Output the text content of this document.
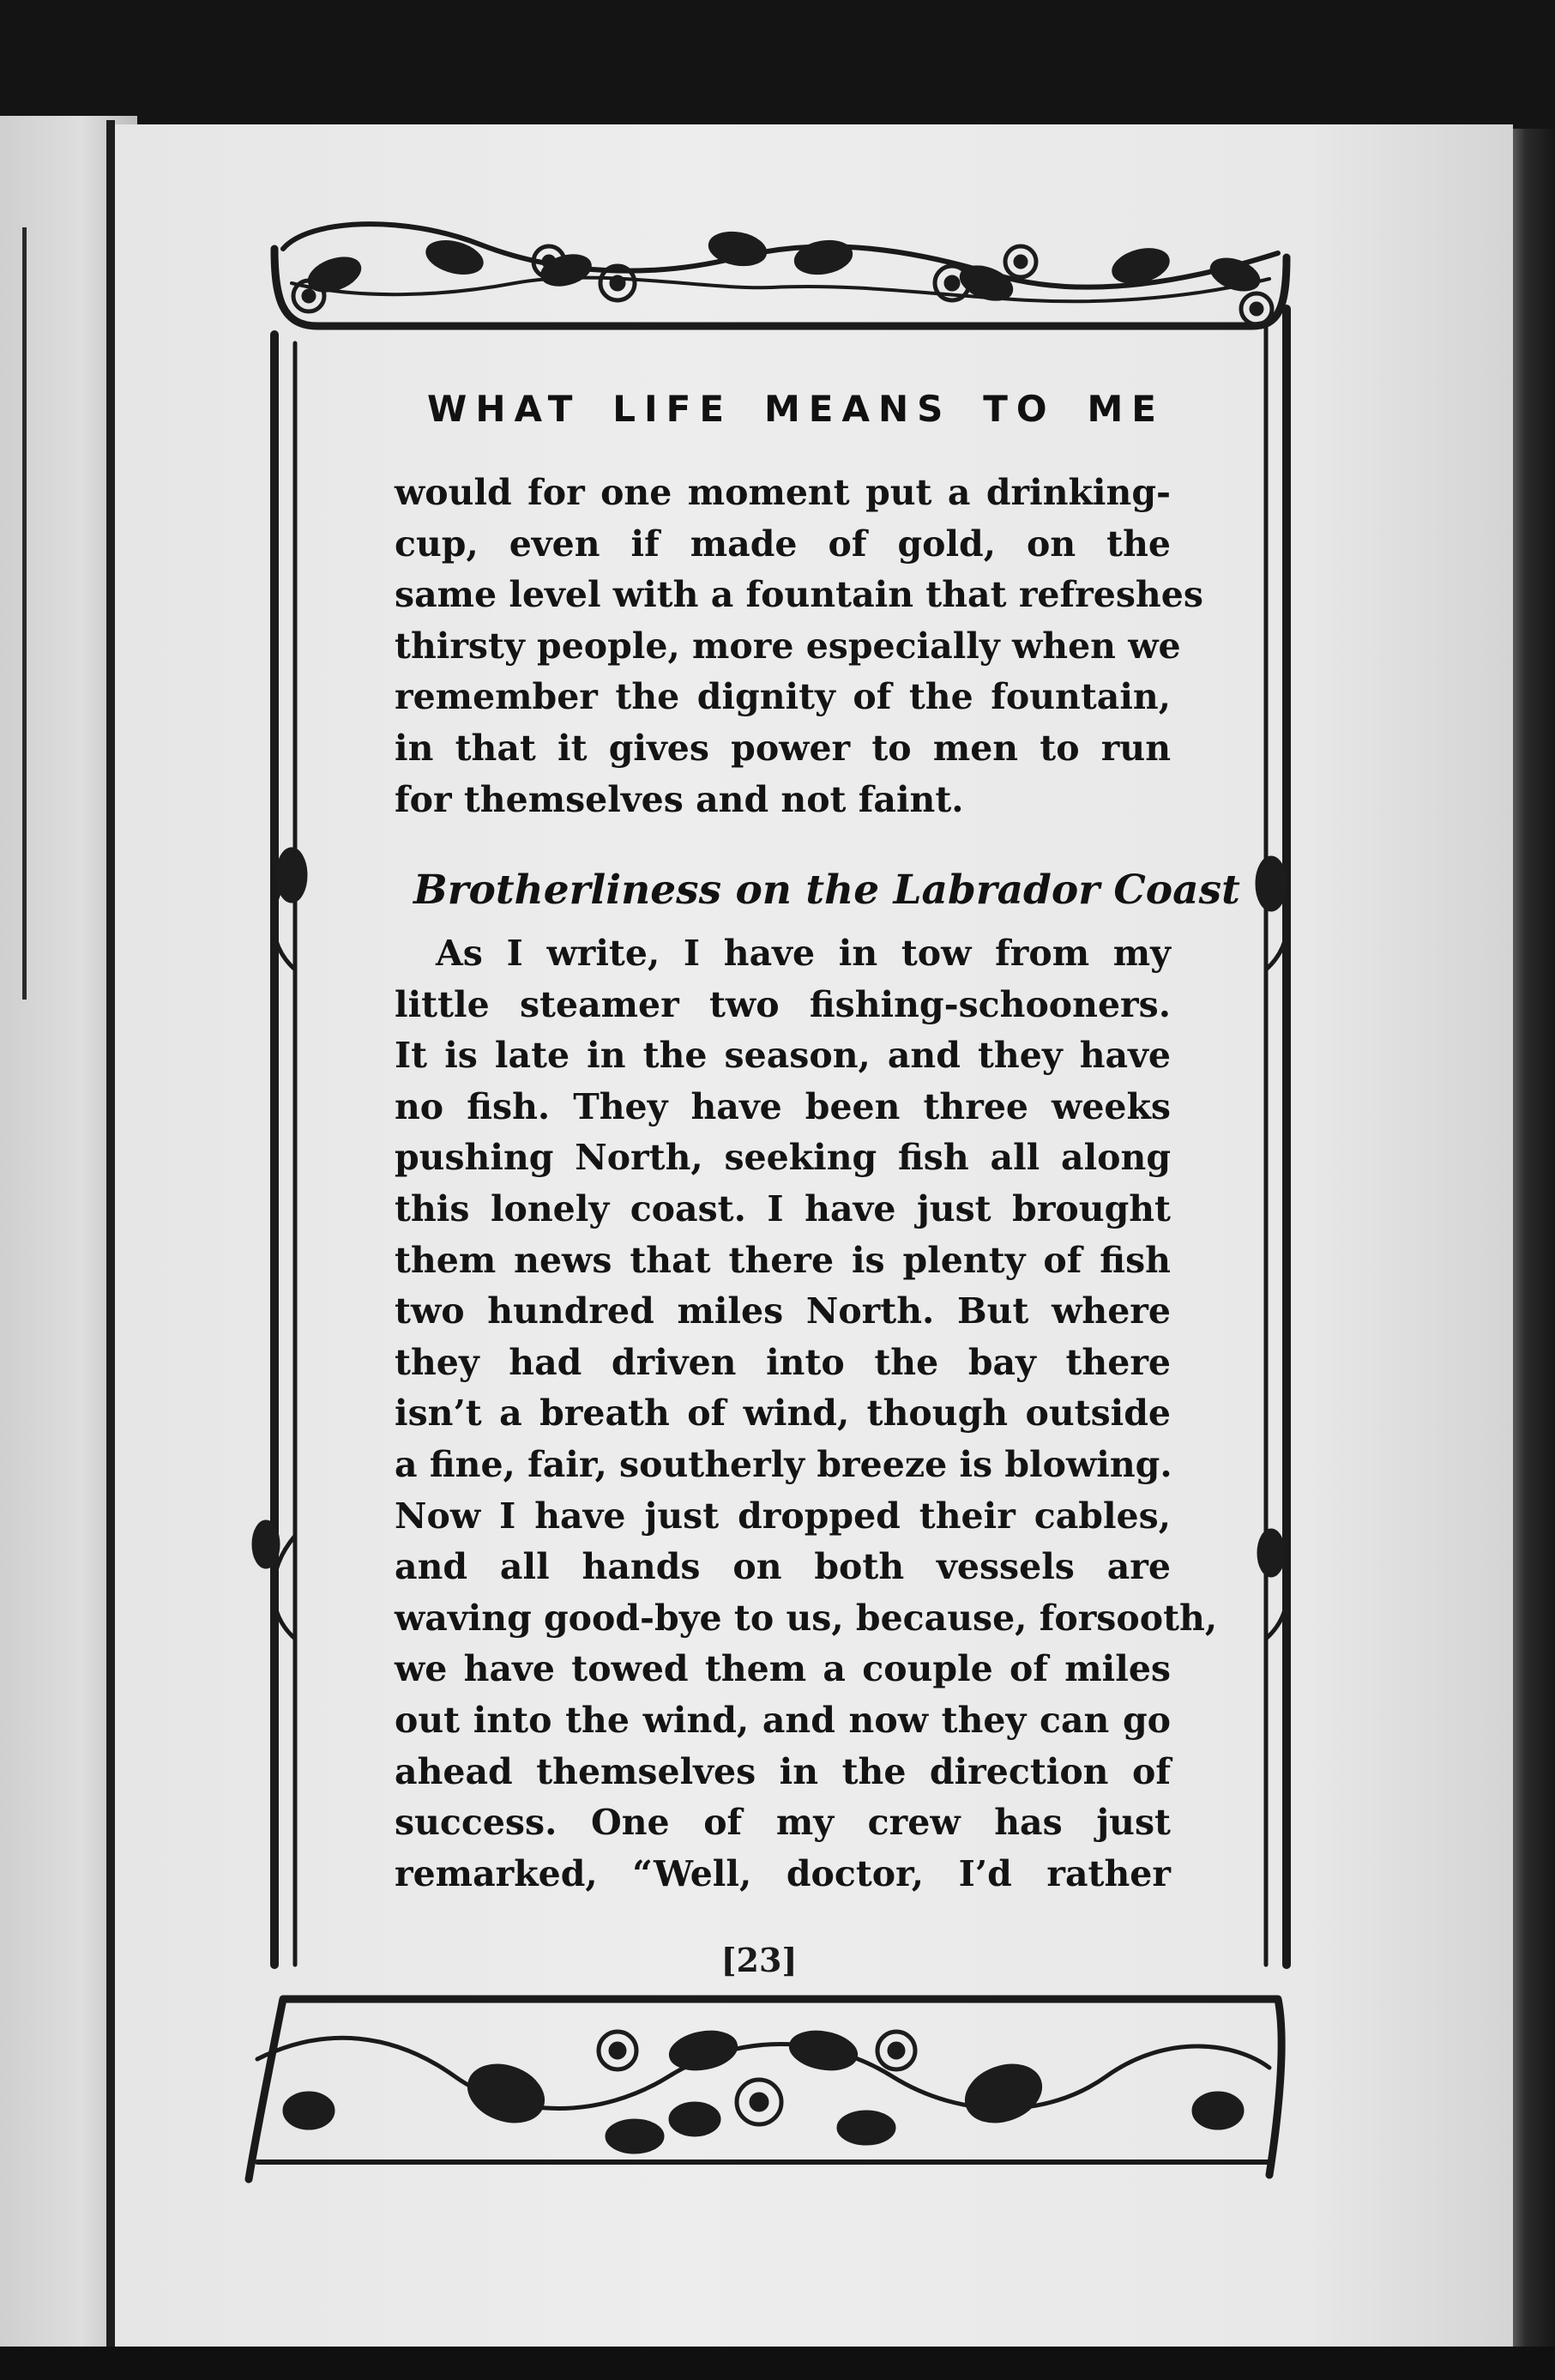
WHAT LIFE MEANS TO ME
would for one moment put a drinking-
cup, even if made of gold, on the
same level with a fountain that refreshes
thirsty people, more especially when we
remember the dignity of the fountain,
in that it gives power to men to run
for themselves and not faint.
Brotherliness on the Labrador Coast
As I write, I have in tow from my
little steamer two fishing-schooners.
It is late in the season, and they have
no fish. They have been three weeks
pushing North, seeking fish all along
this lonely coast. I have just brought
them news that there is plenty of fish
two hundred miles North. But where
they had driven into the bay there
isn’t a breath of wind, though outside
a fine, fair, southerly breeze is blowing.
Now I have just dropped their cables,
and all hands on both vessels are
waving good-bye to us, because, forsooth,
we have towed them a couple of miles
out into the wind, and now they can go
ahead themselves in the direction of
success. One of my crew has just
remarked, “Well, doctor, I’d rather
[23]
